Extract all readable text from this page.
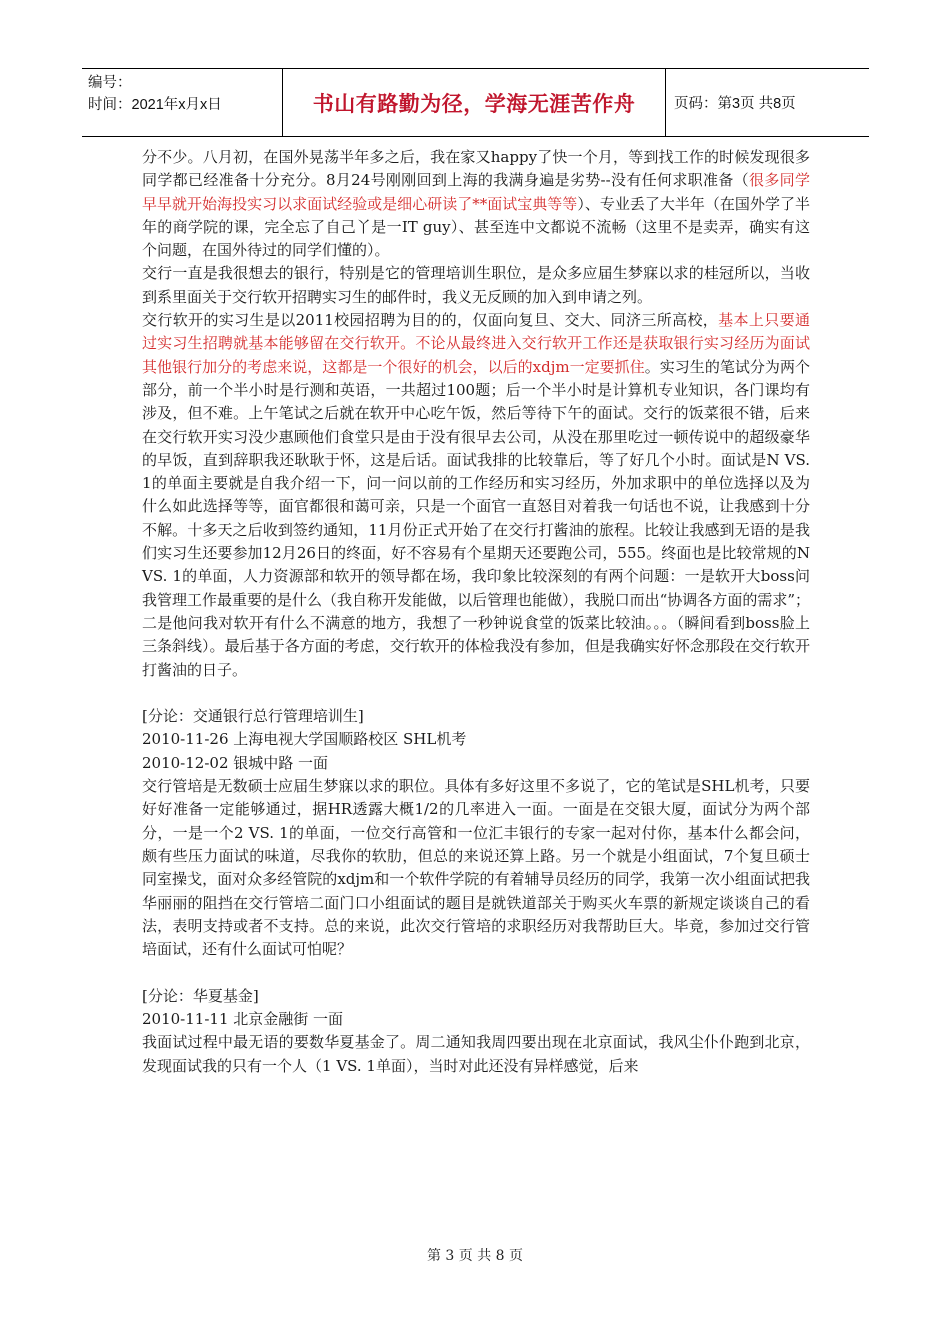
编号：
时间：2021年x月x日	书山有路勤为径，学海无涯苦作舟	页码：第3页 共8页

分不少。八月初，在国外晃荡半年多之后，我在家又happy了快一个月，等到找工作的时候发现很多同学都已经准备十分充分。8月24号刚刚回到上海的我满身遍是劣势--没有任何求职准备（很多同学早早就开始海投实习以求面试经验或是细心研读了**面试宝典等等）、专业丢了大半年（在国外学了半年的商学院的课，完全忘了自己丫是一IT guy）、甚至连中文都说不流畅（这里不是卖弄，确实有这个问题，在国外待过的同学们懂的）。

交行一直是我很想去的银行，特别是它的管理培训生职位，是众多应届生梦寐以求的桂冠所以，当收到系里面关于交行软开招聘实习生的邮件时，我义无反顾的加入到申请之列。

交行软开的实习生是以2011校园招聘为目的的，仅面向复旦、交大、同济三所高校，基本上只要通过实习生招聘就基本能够留在交行软开。不论从最终进入交行软开工作还是获取银行实习经历为面试其他银行加分的考虑来说，这都是一个很好的机会，以后的xdjm一定要抓住。实习生的笔试分为两个部分，前一个半小时是行测和英语，一共超过100题；后一个半小时是计算机专业知识，各门课均有涉及，但不难。上午笔试之后就在软开中心吃午饭，然后等待下午的面试。交行的饭菜很不错，后来在交行软开实习没少惠顾他们食堂只是由于没有很早去公司，从没在那里吃过一顿传说中的超级豪华的早饭，直到辞职我还耿耿于怀，这是后话。面试我排的比较靠后，等了好几个小时。面试是N VS. 1的单面主要就是自我介绍一下，问一问以前的工作经历和实习经历，外加求职中的单位选择以及为什么如此选择等等，面官都很和蔼可亲，只是一个面官一直怒目对着我一句话也不说，让我感到十分不解。十多天之后收到签约通知，11月份正式开始了在交行打酱油的旅程。比较让我感到无语的是我们实习生还要参加12月26日的终面，好不容易有个星期天还要跑公司，555。终面也是比较常规的N VS. 1的单面，人力资源部和软开的领导都在场，我印象比较深刻的有两个问题：一是软开大boss问我管理工作最重要的是什么（我自称开发能做，以后管理也能做），我脱口而出“协调各方面的需求”；二是他问我对软开有什么不满意的地方，我想了一秒钟说食堂的饭菜比较油。。。（瞬间看到boss脸上三条斜线）。最后基于各方面的考虑，交行软开的体检我没有参加，但是我确实好怀念那段在交行软开打酱油的日子。

[分论：交通银行总行管理培训生]

2010-11-26 上海电视大学国顺路校区 SHL机考

2010-12-02 银城中路 一面

交行管培是无数硕士应届生梦寐以求的职位。具体有多好这里不多说了，它的笔试是SHL机考，只要好好准备一定能够通过，据HR透露大概1/2的几率进入一面。一面是在交银大厦，面试分为两个部分，一是一个2 VS. 1的单面，一位交行高管和一位汇丰银行的专家一起对付你，基本什么都会问，颇有些压力面试的味道，尽我你的软肋，但总的来说还算上路。另一个就是小组面试，7个复旦硕士同室操戈，面对众多经管院的xdjm和一个软件学院的有着辅导员经历的同学，我第一次小组面试把我华丽丽的阻挡在交行管培二面门口小组面试的题目是就铁道部关于购买火车票的新规定谈谈自己的看法，表明支持或者不支持。总的来说，此次交行管培的求职经历对我帮助巨大。毕竟，参加过交行管培面试，还有什么面试可怕呢？

[分论：华夏基金]

2010-11-11 北京金融街 一面

我面试过程中最无语的要数华夏基金了。周二通知我周四要出现在北京面试，我风尘仆仆跑到北京，发现面试我的只有一个人（1 VS. 1单面），当时对此还没有异样感觉，后来

第 3 页 共 8 页
